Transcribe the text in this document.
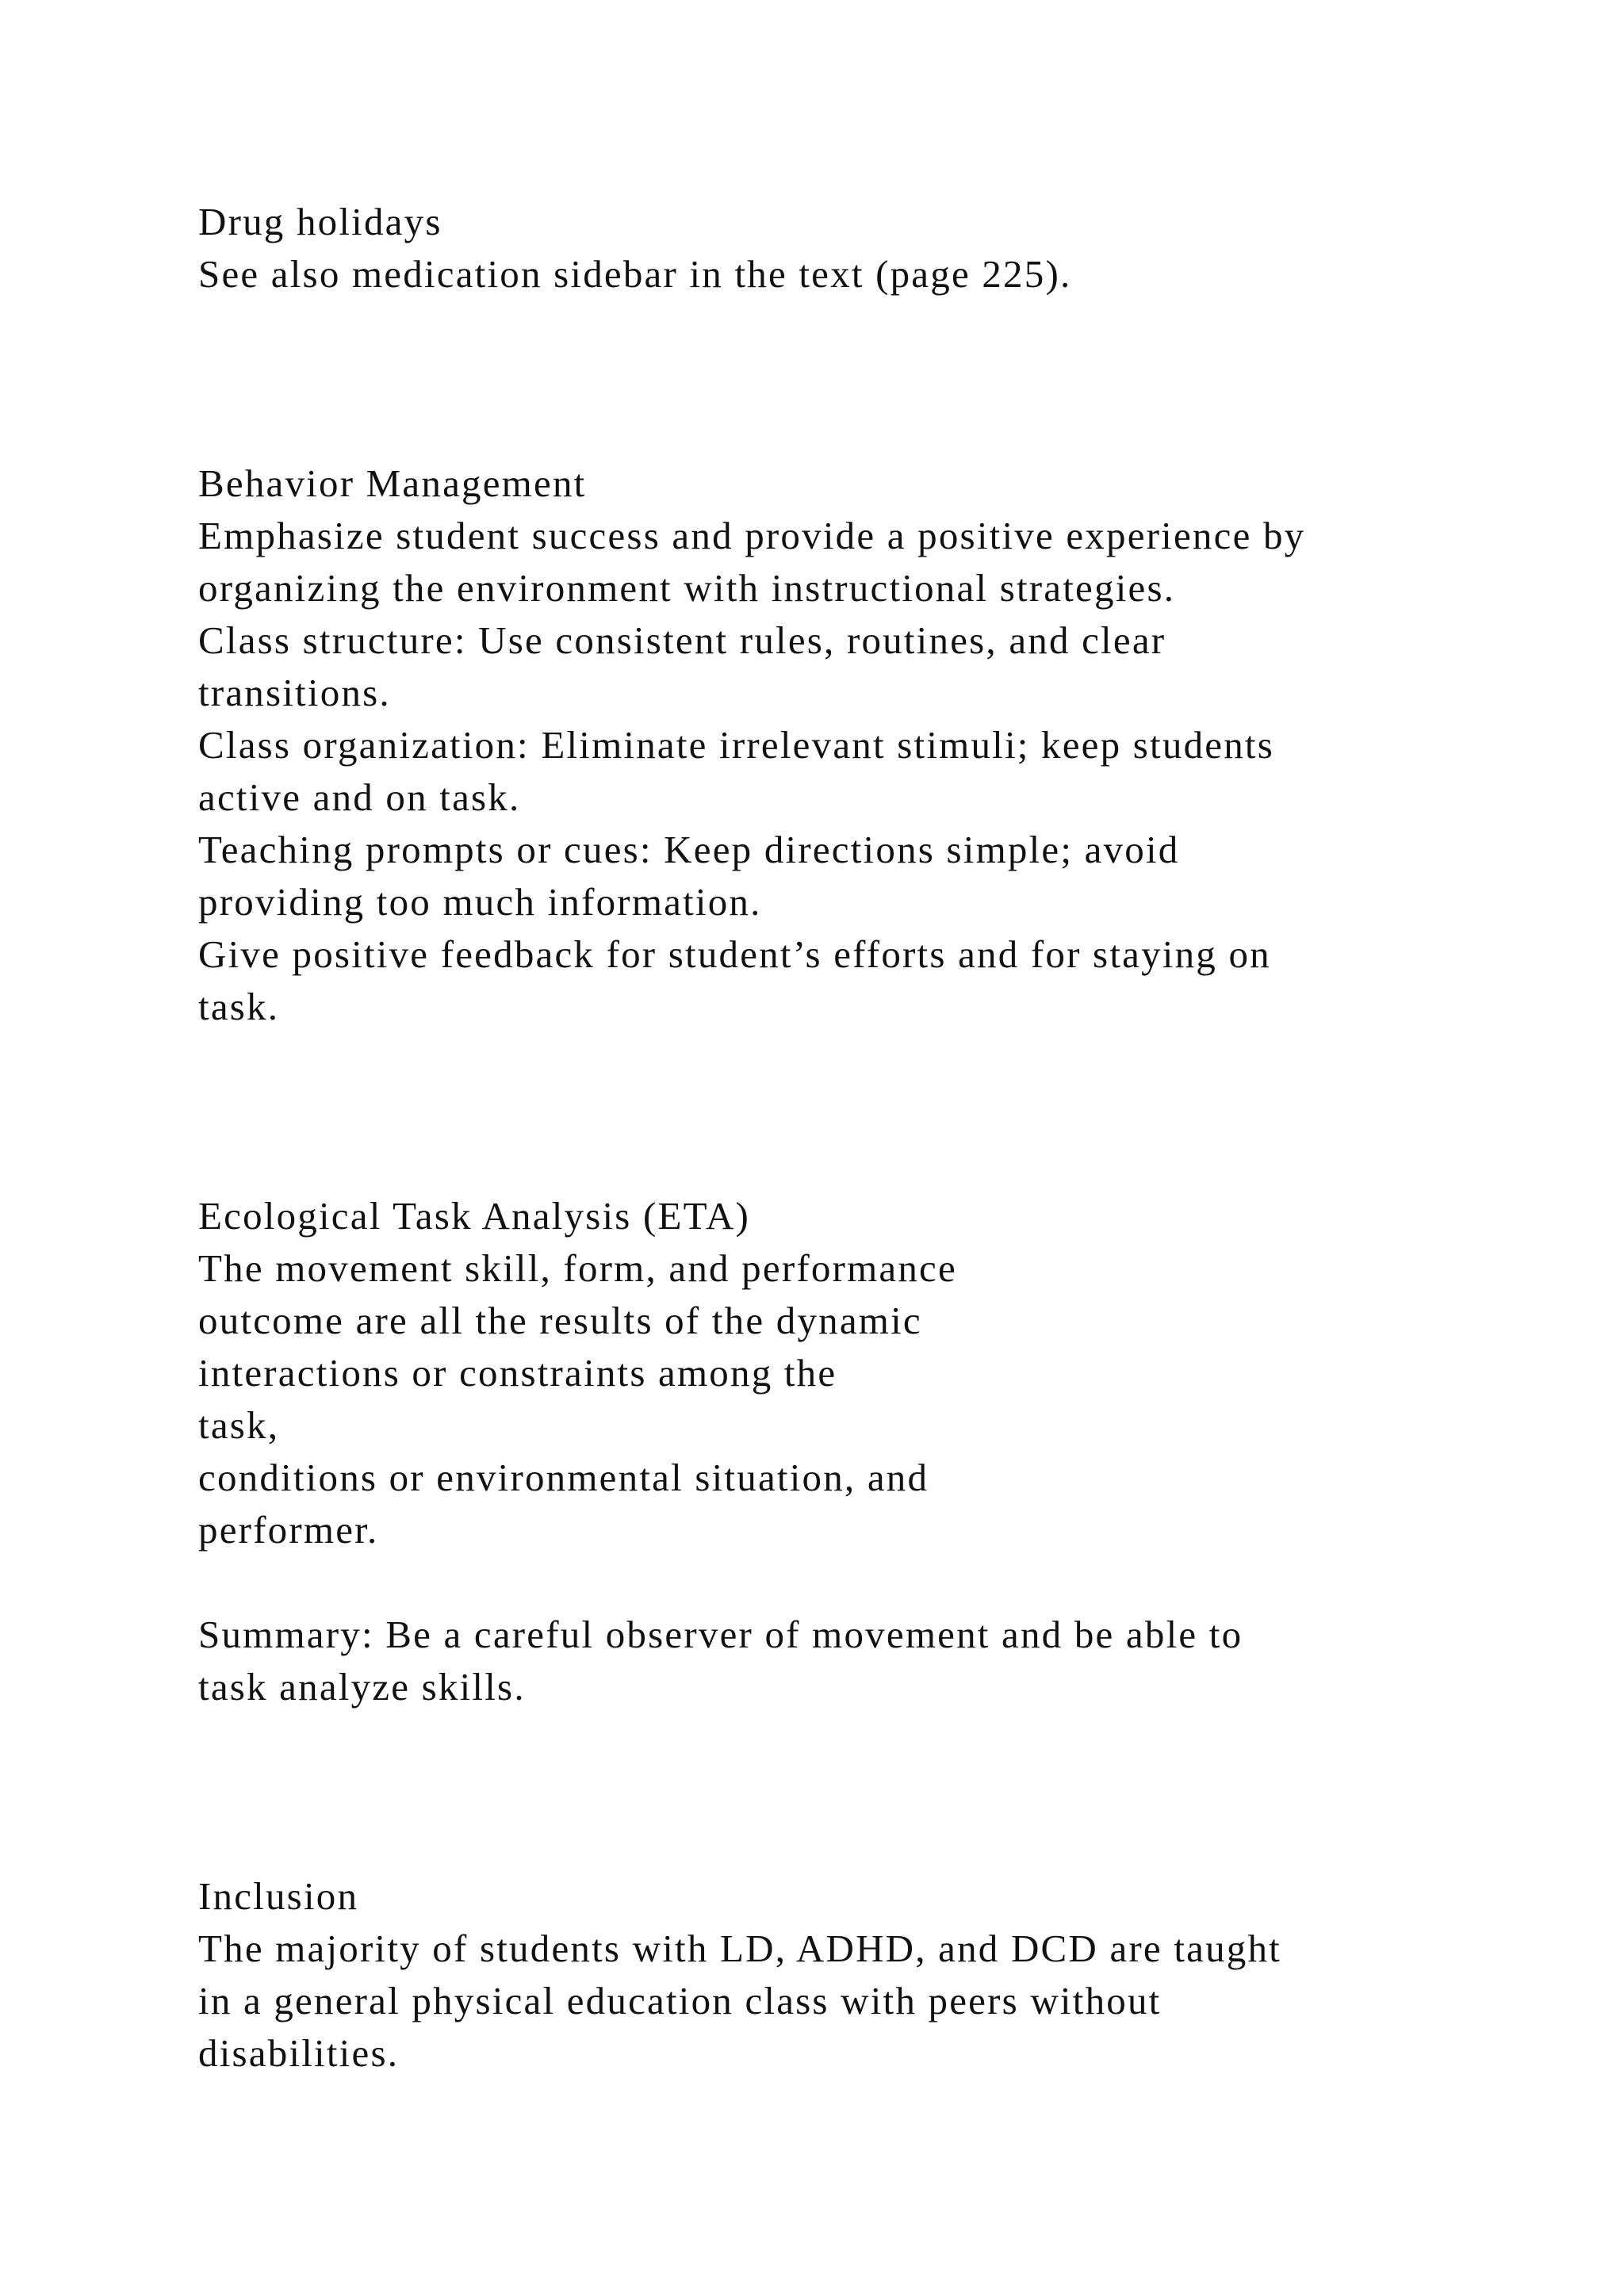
Drug holidays

See also medication sidebar in the text (page 225).

Behavior Management

Emphasize student success and provide a positive experience by

organizing the environment with instructional strategies.

Class structure: Use consistent rules, routines, and clear

transitions.

Class organization: Eliminate irrelevant stimuli; keep students

active and on task.

Teaching prompts or cues: Keep directions simple; avoid

providing too much information.

Give positive feedback for student’s efforts and for staying on

task.

Ecological Task Analysis (ETA)

The movement skill, form, and performance

outcome are all the results of the dynamic

interactions or constraints among the

task,

conditions or environmental situation, and

performer.

Summary: Be a careful observer of movement and be able to

task analyze skills.

Inclusion

The majority of students with LD, ADHD, and DCD are taught

in a general physical education class with peers without

disabilities.
